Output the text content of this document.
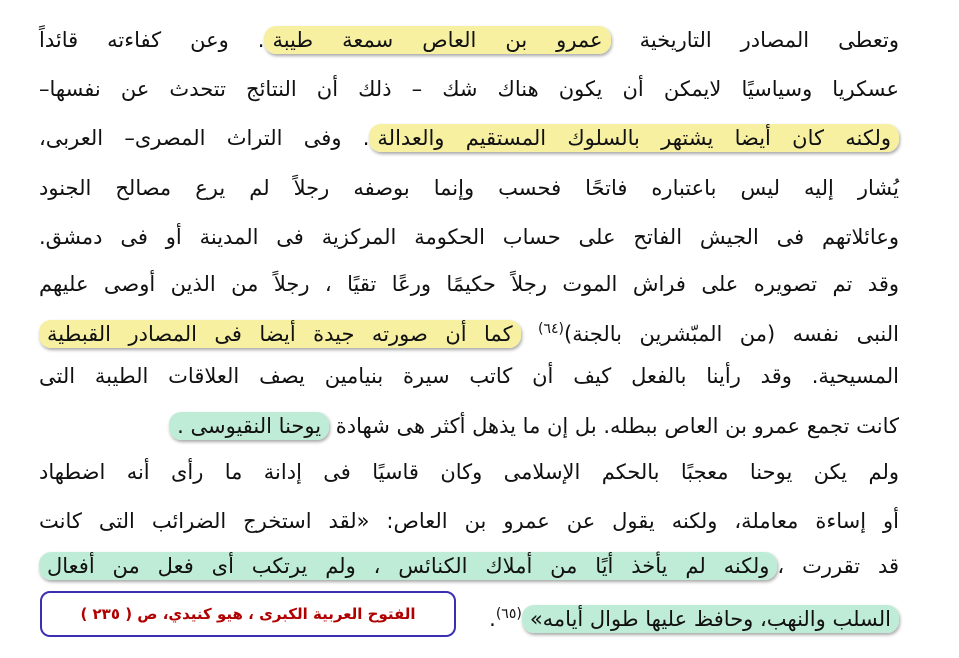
وتعطى المصادر التاريخية عمرو بن العاص سمعة طيبة. وعن كفاءته قائداً
عسكريا وسياسيًا لايمكن أن يكون هناك شك – ذلك أن النتائج تتحدث عن نفسها–
ولكنه كان أيضا يشتهر بالسلوك المستقيم والعدالة. وفى التراث المصرى– العربى،
يُشار إليه ليس باعتباره فاتحًا فحسب وإنما بوصفه رجلاً لم يرع مصالح الجنود
وعائلاتهم فى الجيش الفاتح على حساب الحكومة المركزية فى المدينة أو فى دمشق.
وقد تم تصويره على فراش الموت رجلاً حكيمًا ورعًا تقيًا ، رجلاً من الذين أوصى عليهم
النبى نفسه (من المبّشرين بالجنة)$^{(٦٤)}$ كما أن صورته جيدة أيضا فى المصادر القبطية
المسيحية. وقد رأينا بالفعل كيف أن كاتب سيرة بنيامين يصف العلاقات الطيبة التى
كانت تجمع عمرو بن العاص ببطله. بل إن ما يذهل أكثر هى شهادة يوحنا النقيوسى .
ولم يكن يوحنا معجبًا بالحكم الإسلامى وكان قاسيًا فى إدانة ما رأى أنه اضطهاد
أو إساءة معاملة، ولكنه يقول عن عمرو بن العاص: «لقد استخرج الضرائب التى كانت
قد تقررت ،ولكنه لم يأخذ أيًا من أملاك الكنائس ، ولم يرتكب أى فعل من أفعال
السلب والنهب، وحافظ عليها طوال أيامه»$^{(٦٥)}$.
الفتوح العربية الكبرى ، هيو كنيدي، ص ( ٢٣٥ )
